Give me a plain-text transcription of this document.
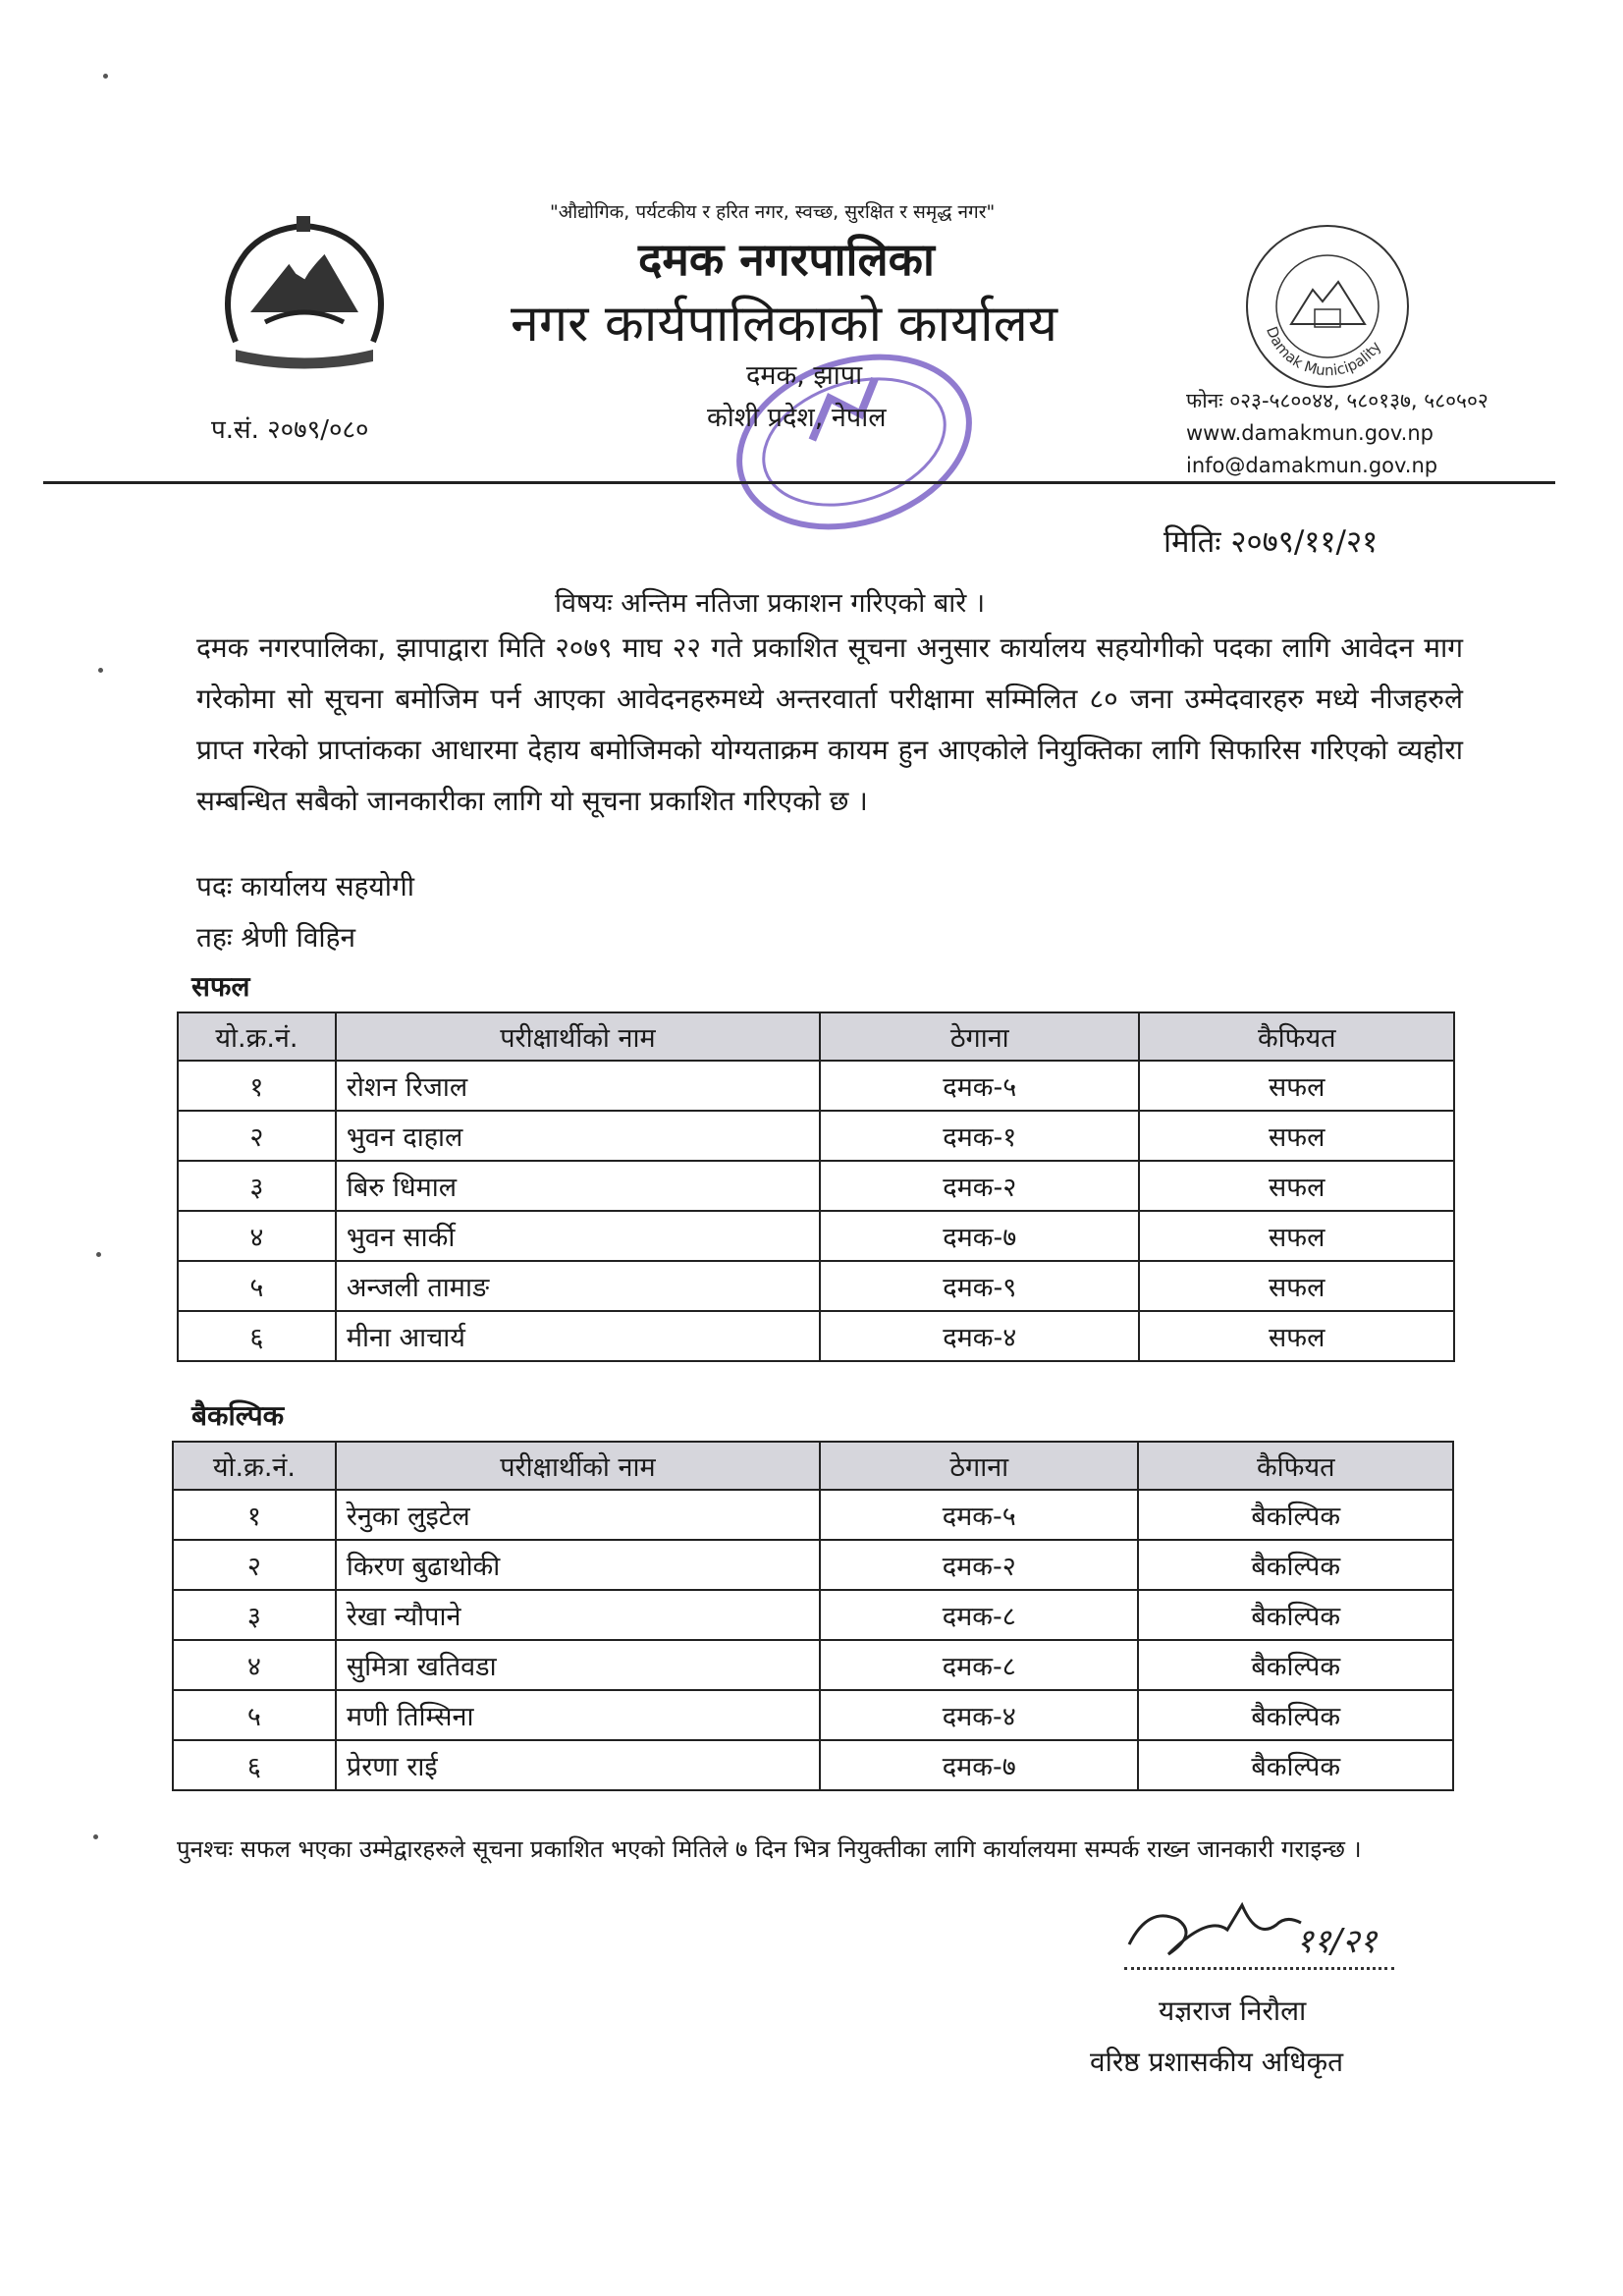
Damak Municipality
"औद्योगिक, पर्यटकीय र हरित नगर, स्वच्छ, सुरक्षित र समृद्ध नगर"
दमक नगरपालिका
नगर कार्यपालिकाको कार्यालय
दमक, झापा
कोशी प्रदेश, नेपाल
प.सं. २०७९/०८०
फोनः ०२३-५८००४४, ५८०१३७, ५८०५०२
www.damakmun.gov.np
info@damakmun.gov.np
मितिः २०७९/११/२१
विषयः अन्तिम नतिजा प्रकाशन गरिएको बारे ।
दमक नगरपालिका, झापाद्वारा मिति २०७९ माघ २२ गते प्रकाशित सूचना अनुसार कार्यालय सहयोगीको पदका लागि आवेदन माग गरेकोमा सो सूचना बमोजिम पर्न आएका आवेदनहरुमध्ये अन्तरवार्ता परीक्षामा सम्मिलित ८० जना उम्मेदवारहरु मध्ये नीजहरुले प्राप्त गरेको प्राप्तांकका आधारमा देहाय बमोजिमको योग्यताक्रम कायम हुन आएकोले नियुक्तिका लागि सिफारिस गरिएको व्यहोरा सम्बन्धित सबैको जानकारीका लागि यो सूचना प्रकाशित गरिएको छ ।
पदः कार्यालय सहयोगी
तहः श्रेणी विहिन
सफल
यो.क्र.नं.	परीक्षार्थीको नाम	ठेगाना	कैफियत
१	रोशन रिजाल	दमक-५	सफल
२	भुवन दाहाल	दमक-१	सफल
३	बिरु धिमाल	दमक-२	सफल
४	भुवन सार्की	दमक-७	सफल
५	अन्जली तामाङ	दमक-९	सफल
६	मीना आचार्य	दमक-४	सफल
बैकल्पिक
यो.क्र.नं.	परीक्षार्थीको नाम	ठेगाना	कैफियत
१	रेनुका लुइटेल	दमक-५	बैकल्पिक
२	किरण बुढाथोकी	दमक-२	बैकल्पिक
३	रेखा न्यौपाने	दमक-८	बैकल्पिक
४	सुमित्रा खतिवडा	दमक-८	बैकल्पिक
५	मणी तिम्सिना	दमक-४	बैकल्पिक
६	प्रेरणा राई	दमक-७	बैकल्पिक
पुनश्चः सफल भएका उम्मेद्वारहरुले सूचना प्रकाशित भएको मितिले ७ दिन भित्र नियुक्तीका लागि कार्यालयमा सम्पर्क राख्न जानकारी गराइन्छ ।
११/२१
यज्ञराज निरौला
वरिष्ठ प्रशासकीय अधिकृत
